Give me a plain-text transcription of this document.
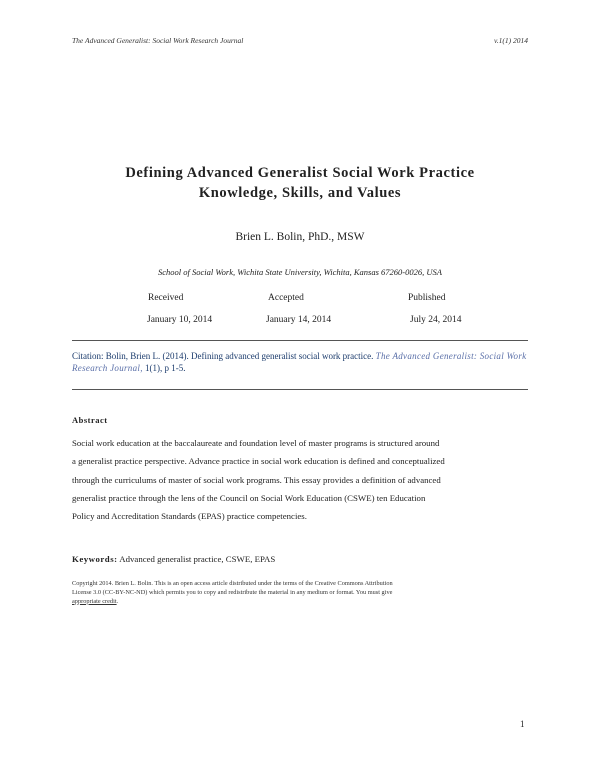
The Advanced Generalist: Social Work Research Journal	v.1(1) 2014
Defining Advanced Generalist Social Work Practice
Knowledge, Skills, and Values
Brien L. Bolin, PhD., MSW
School of Social Work, Wichita State University, Wichita, Kansas 67260-0026, USA
Received	Accepted	Published
January 10, 2014	January 14, 2014	July 24, 2014
Citation: Bolin, Brien L. (2014). Defining advanced generalist social work practice. The Advanced Generalist: Social Work Research Journal, 1(1), p 1-5.
Abstract
Social work education at the baccalaureate and foundation level of master programs is structured around
a generalist practice perspective. Advance practice in social work education is defined and conceptualized
through the curriculums of master of social work programs. This essay provides a definition of advanced
generalist practice through the lens of the Council on Social Work Education (CSWE) ten Education
Policy and Accreditation Standards (EPAS) practice competencies.
Keywords: Advanced generalist practice, CSWE, EPAS
Copyright 2014. Brien L. Bolin. This is an open access article distributed under the terms of the Creative Commons Attribution
License 3.0 (CC-BY-NC-ND) which permits you to copy and redistribute the material in any medium or format. You must give
appropriate credit.
1
